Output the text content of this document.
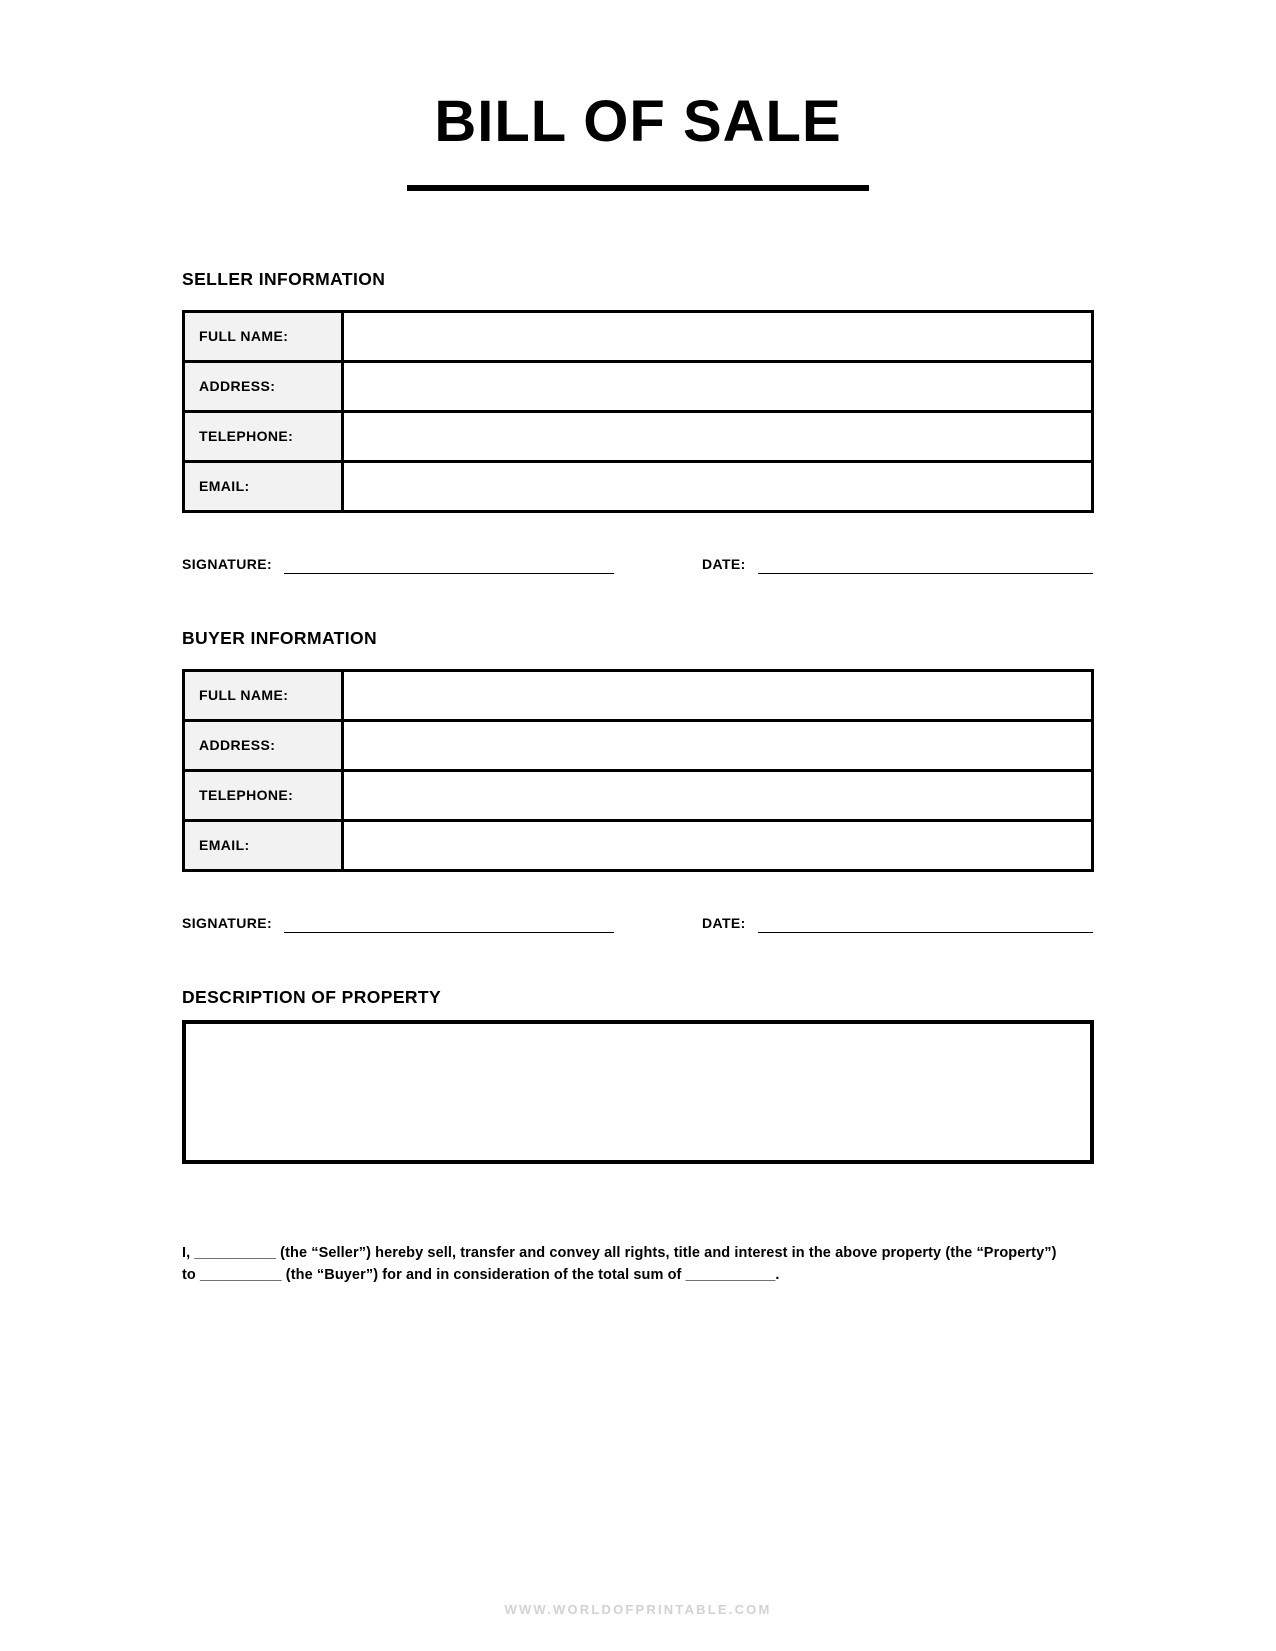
BILL OF SALE
SELLER INFORMATION
FULL NAME:	
ADDRESS:	
TELEPHONE:	
EMAIL:	
SIGNATURE:	DATE:
BUYER INFORMATION
FULL NAME:	
ADDRESS:	
TELEPHONE:	
EMAIL:	
SIGNATURE:	DATE:
DESCRIPTION OF PROPERTY

I, __________ (the “Seller”) hereby sell, transfer and convey all rights, title and interest in the above property (the “Property”) to __________ (the “Buyer”) for and in consideration of the total sum of ___________.

WWW.WORLDOFPRINTABLE.COM
